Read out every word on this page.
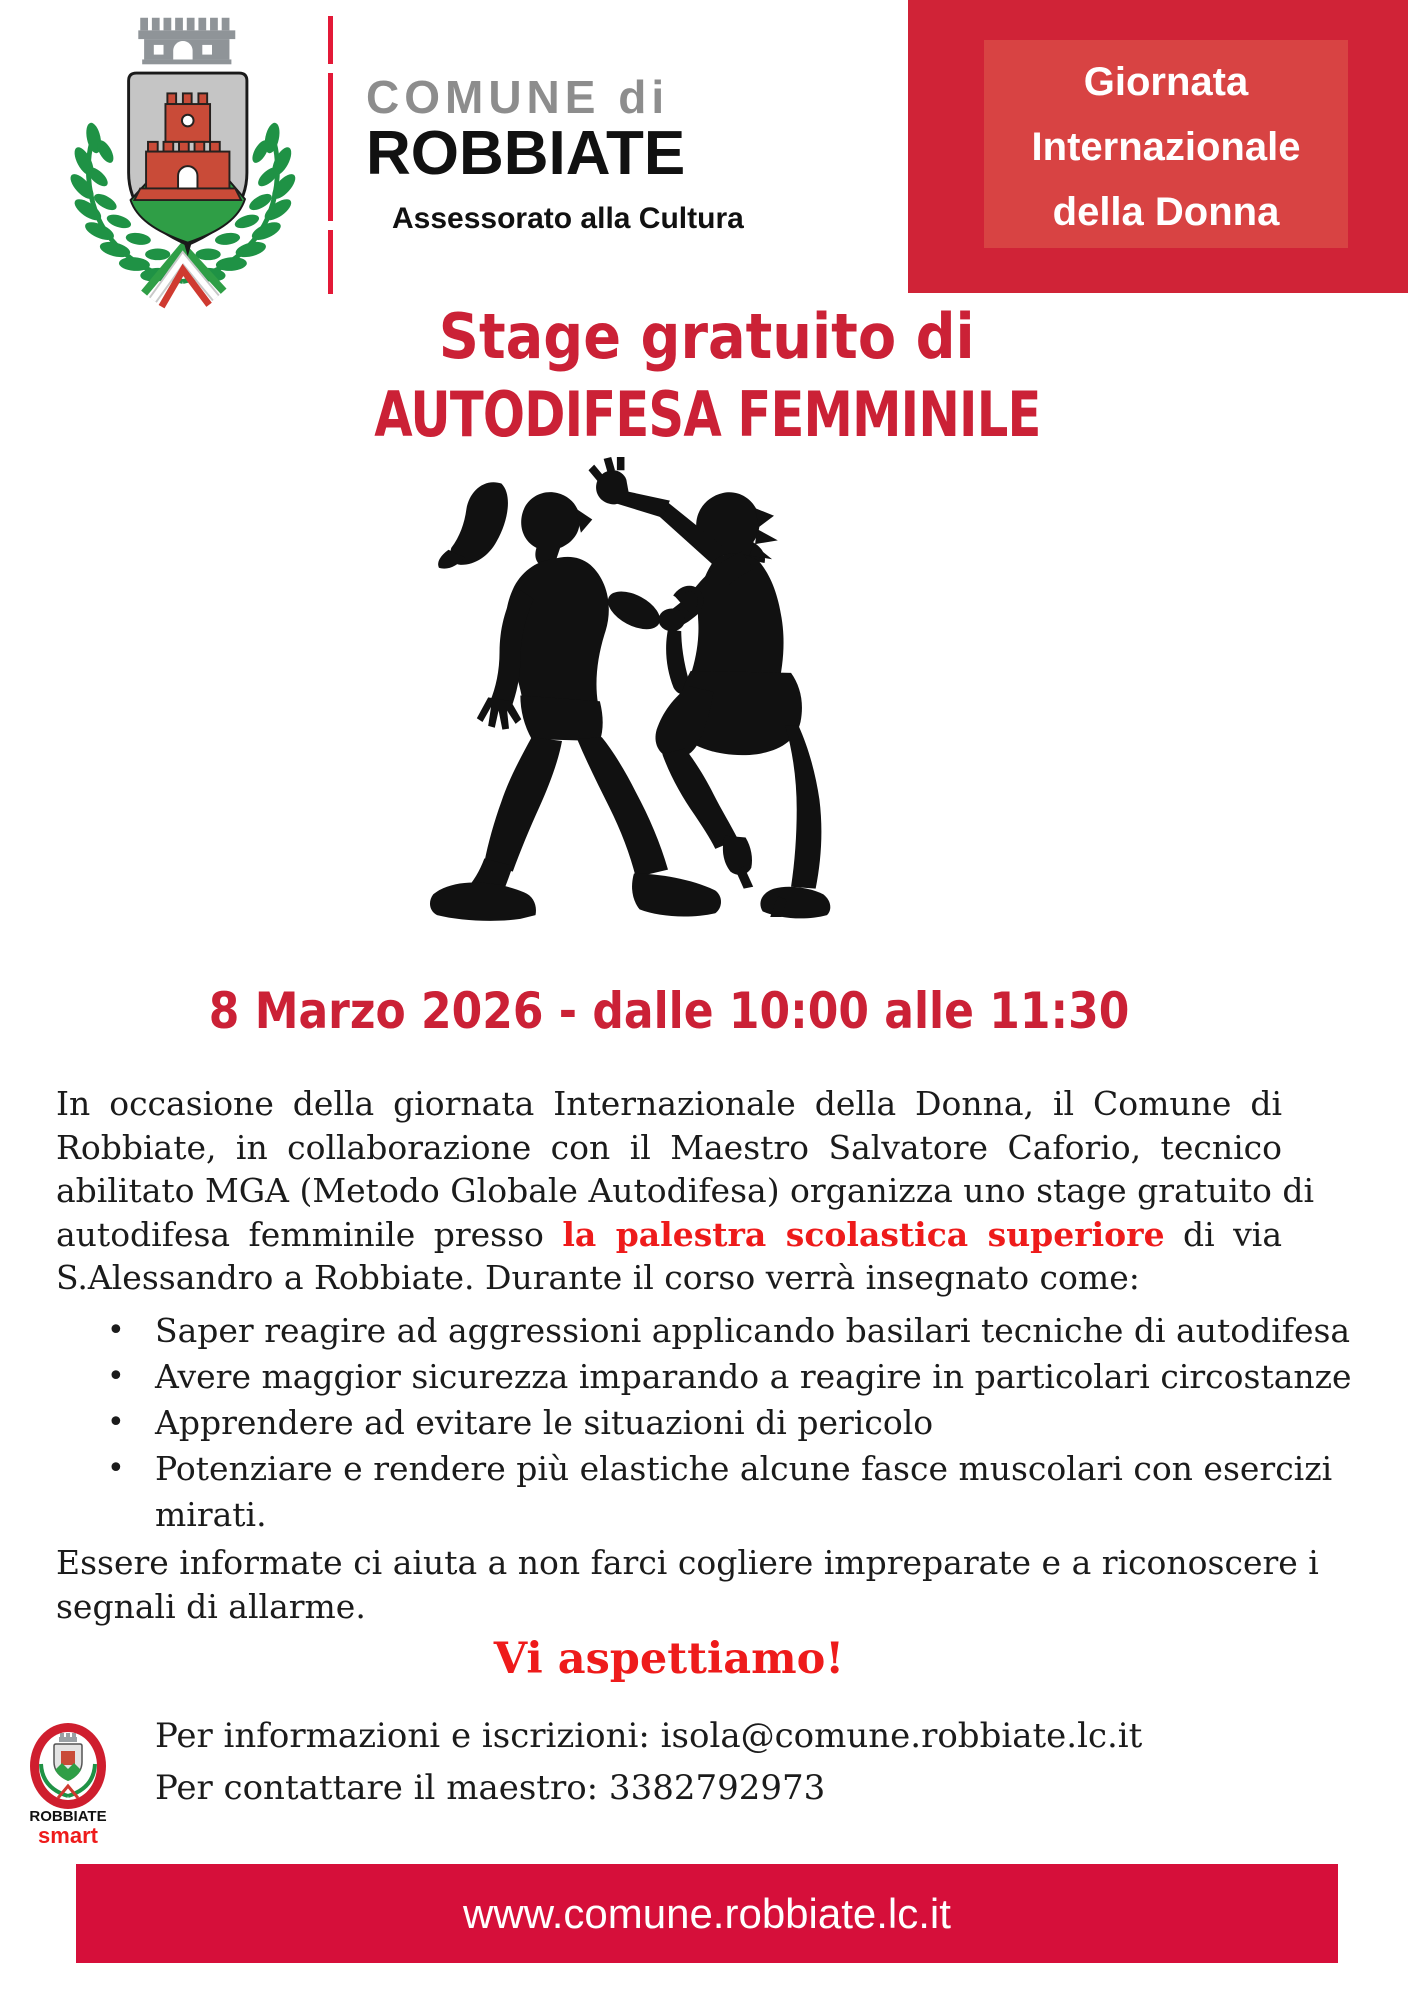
COMUNE di
ROBBIATE
Assessorato alla Cultura
Giornata
Internazionale
della Donna
Stage gratuito di
AUTODIFESA FEMMINILE
8 Marzo 2026 - dalle 10:00 alle 11:30
In occasione della giornata Internazionale della Donna, il Comune di
Robbiate, in collaborazione con il Maestro Salvatore Caforio, tecnico
abilitato MGA (Metodo Globale Autodifesa) organizza uno stage gratuito di
autodifesa femminile presso la palestra scolastica superiore di via
S.Alessandro a Robbiate. Durante il corso verrà insegnato come:
• Saper reagire ad aggressioni applicando basilari tecniche di autodifesa
• Avere maggior sicurezza imparando a reagire in particolari circostanze
• Apprendere ad evitare le situazioni di pericolo
• Potenziare e rendere più elastiche alcune fasce muscolari con esercizi
mirati.
Essere informate ci aiuta a non farci cogliere impreparate e a riconoscere i
segnali di allarme.
Vi aspettiamo!
Per informazioni e iscrizioni: isola@comune.robbiate.lc.it
Per contattare il maestro: 3382792973
ROBBIATE
smart
www.comune.robbiate.lc.it
